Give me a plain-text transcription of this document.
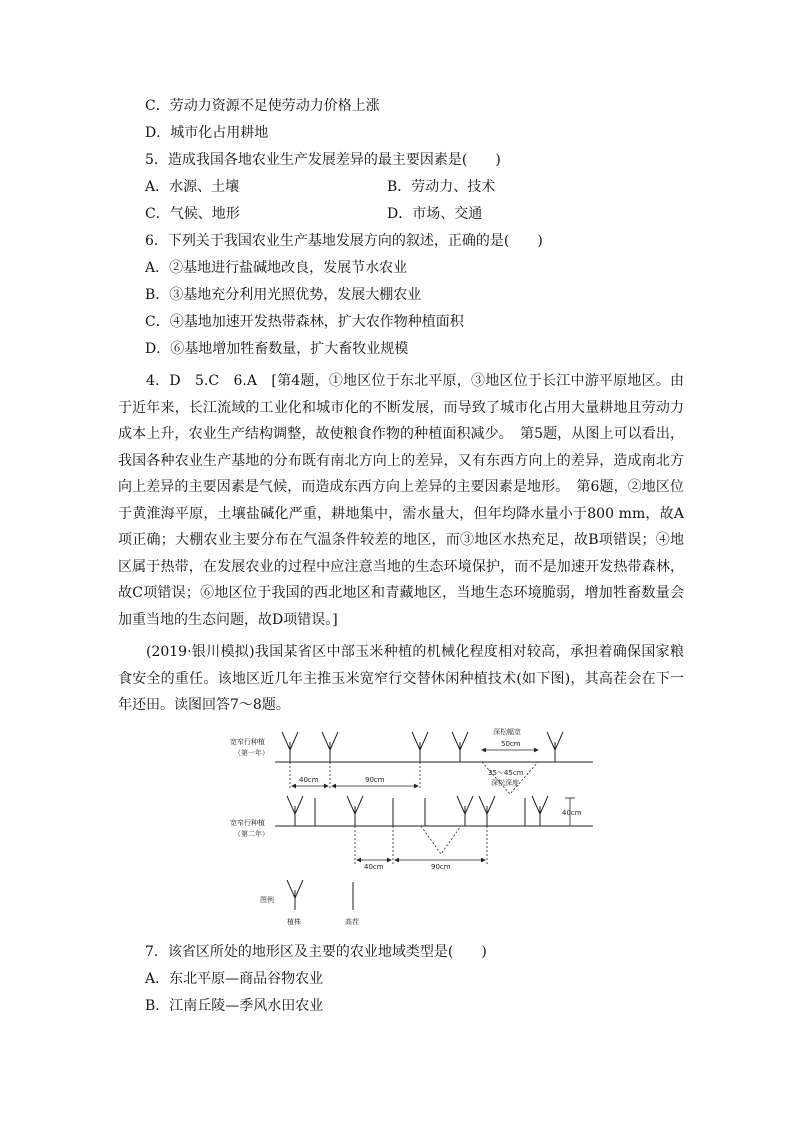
C．劳动力资源不足使劳动力价格上涨
D．城市化占用耕地
5．造成我国各地农业生产发展差异的最主要因素是(　　)
A．水源、土壤	B．劳动力、技术
C．气候、地形	D．市场、交通
6．下列关于我国农业生产基地发展方向的叙述，正确的是(　　)
A．②基地进行盐碱地改良，发展节水农业
B．③基地充分利用光照优势，发展大棚农业
C．④基地加速开发热带森林，扩大农作物种植面积
D．⑥基地增加牲畜数量，扩大畜牧业规模
4．D　5.C　6.A　[第4题，①地区位于东北平原，③地区位于长江中游平原地区。由于近年来，长江流域的工业化和城市化的不断发展，而导致了城市化占用大量耕地且劳动力成本上升，农业生产结构调整，故使粮食作物的种植面积减少。　第5题，从图上可以看出，我国各种农业生产基地的分布既有南北方向上的差异，又有东西方向上的差异，造成南北方向上差异的主要因素是气候，而造成东西方向上差异的主要因素是地形。　第6题，②地区位于黄淮海平原，土壤盐碱化严重，耕地集中，需水量大，但年均降水量小于800 mm，故A项正确；大棚农业主要分布在气温条件较差的地区，而③地区水热充足，故B项错误；④地区属于热带，在发展农业的过程中应注意当地的生态环境保护，而不是加速开发热带森林，故C项错误；⑥地区位于我国的西北地区和青藏地区，当地生态环境脆弱，增加牲畜数量会加重当地的生态问题，故D项错误。]
(2019·银川模拟)我国某省区中部玉米种植的机械化程度相对较高，承担着确保国家粮食安全的重任。该地区近几年主推玉米宽窄行交替休闲种植技术(如下图)，其高茬会在下一年还田。读图回答7～8题。
宽窄行种植
（第一年）
宽窄行种植
（第二年）
40cm	90cm
深松幅宽
50cm
35～45cm
深松深度
40cm
40cm	90cm
图例
植株	高茬
7．该省区所处的地形区及主要的农业地域类型是(　　)
A．东北平原—商品谷物农业
B．江南丘陵—季风水田农业
